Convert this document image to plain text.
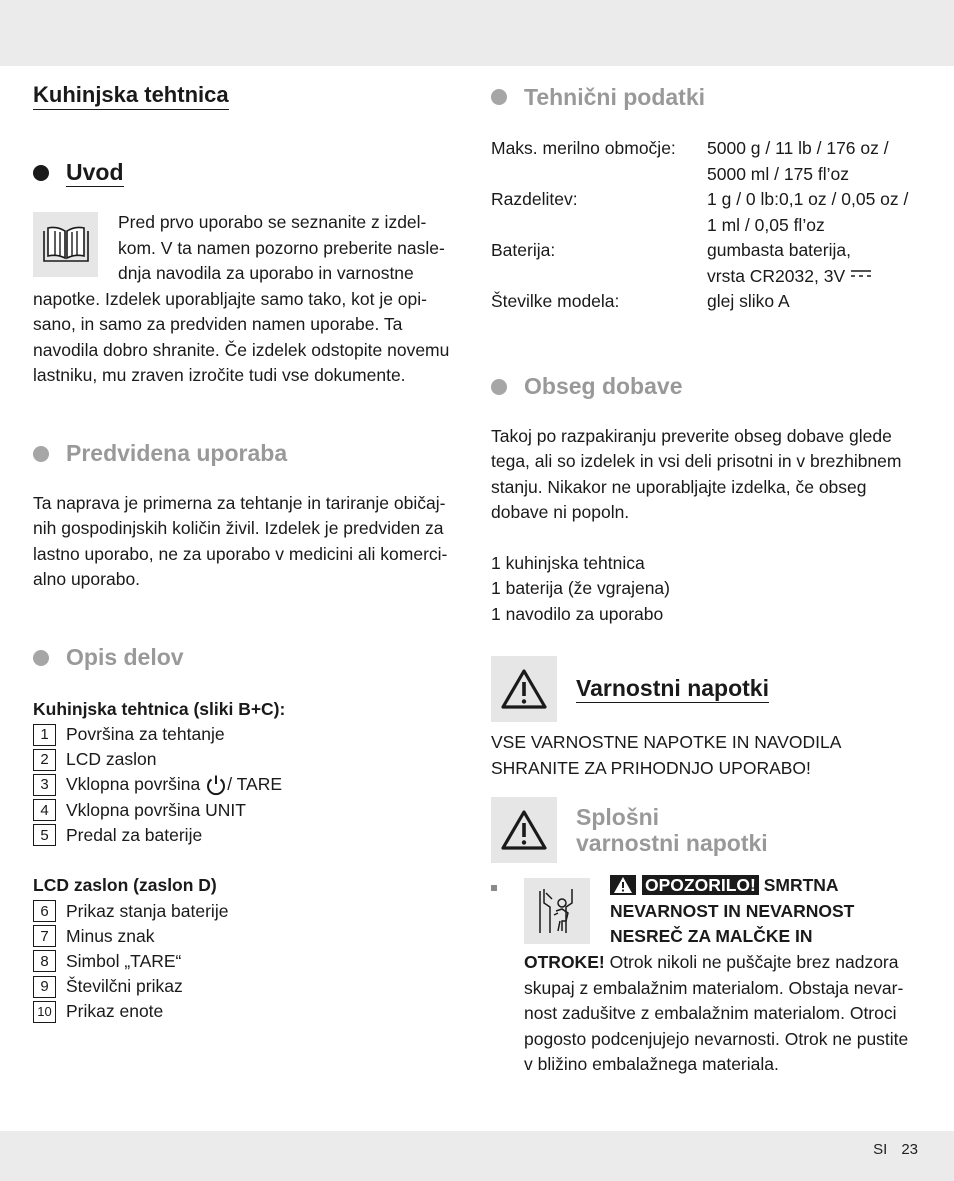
Kuhinjska tehtnica
Uvod

Pred prvo uporabo se seznanite z izdel-
kom. V ta namen pozorno preberite nasle-
dnja navodila za uporabo in varnostne
napotke. Izdelek uporabljajte samo tako, kot je opi-
sano, in samo za predviden namen uporabe. Ta
navodila dobro shranite. Če izdelek odstopite novemu
lastniku, mu zraven izročite tudi vse dokumente.

Predvidena uporaba

Ta naprava je primerna za tehtanje in tariranje običaj-
nih gospodinjskih količin živil. Izdelek je predviden za
lastno uporabo, ne za uporabo v medicini ali komerci-
alno uporabo.

Opis delov
Kuhinjska tehtnica (sliki B+C):
1 Površina za tehtanje
2 LCD zaslon
3 Vklopna površina / TARE
4 Vklopna površina UNIT
5 Predal za baterije
LCD zaslon (zaslon D)
6 Prikaz stanja baterije
7 Minus znak
8 Simbol „TARE“
9 Številčni prikaz
10 Prikaz enote
Tehnični podatki
Maks. merilno območje:	5000 g / 11 lb / 176 oz /
5000 ml / 175 fl’oz
Razdelitev:	1 g / 0 lb:0,1 oz / 0,05 oz /
1 ml / 0,05 fl’oz
Baterija:	gumbasta baterija,
vrsta CR2032, 3V
Številke modela:	glej sliko A
Obseg dobave

Takoj po razpakiranju preverite obseg dobave glede
tega, ali so izdelek in vsi deli prisotni in v brezhibnem
stanju. Nikakor ne uporabljajte izdelka, če obseg
dobave ni popoln.

1 kuhinjska tehtnica
1 baterija (že vgrajena)
1 navodilo za uporabo

Varnostni napotki

VSE VARNOSTNE NAPOTKE IN NAVODILA
SHRANITE ZA PRIHODNJO UPORABO!

Splošni
varnostni napotki
OPOZORILO! SMRTNA
NEVARNOST IN NEVARNOST
NESREČ ZA MALČKE IN
OTROKE! Otrok nikoli ne puščajte brez nadzora
skupaj z embalažnim materialom. Obstaja nevar-
nost zadušitve z embalažnim materialom. Otroci
pogosto podcenjujejo nevarnosti. Otrok ne pustite
v bližino embalažnega materiala.
SI 23
